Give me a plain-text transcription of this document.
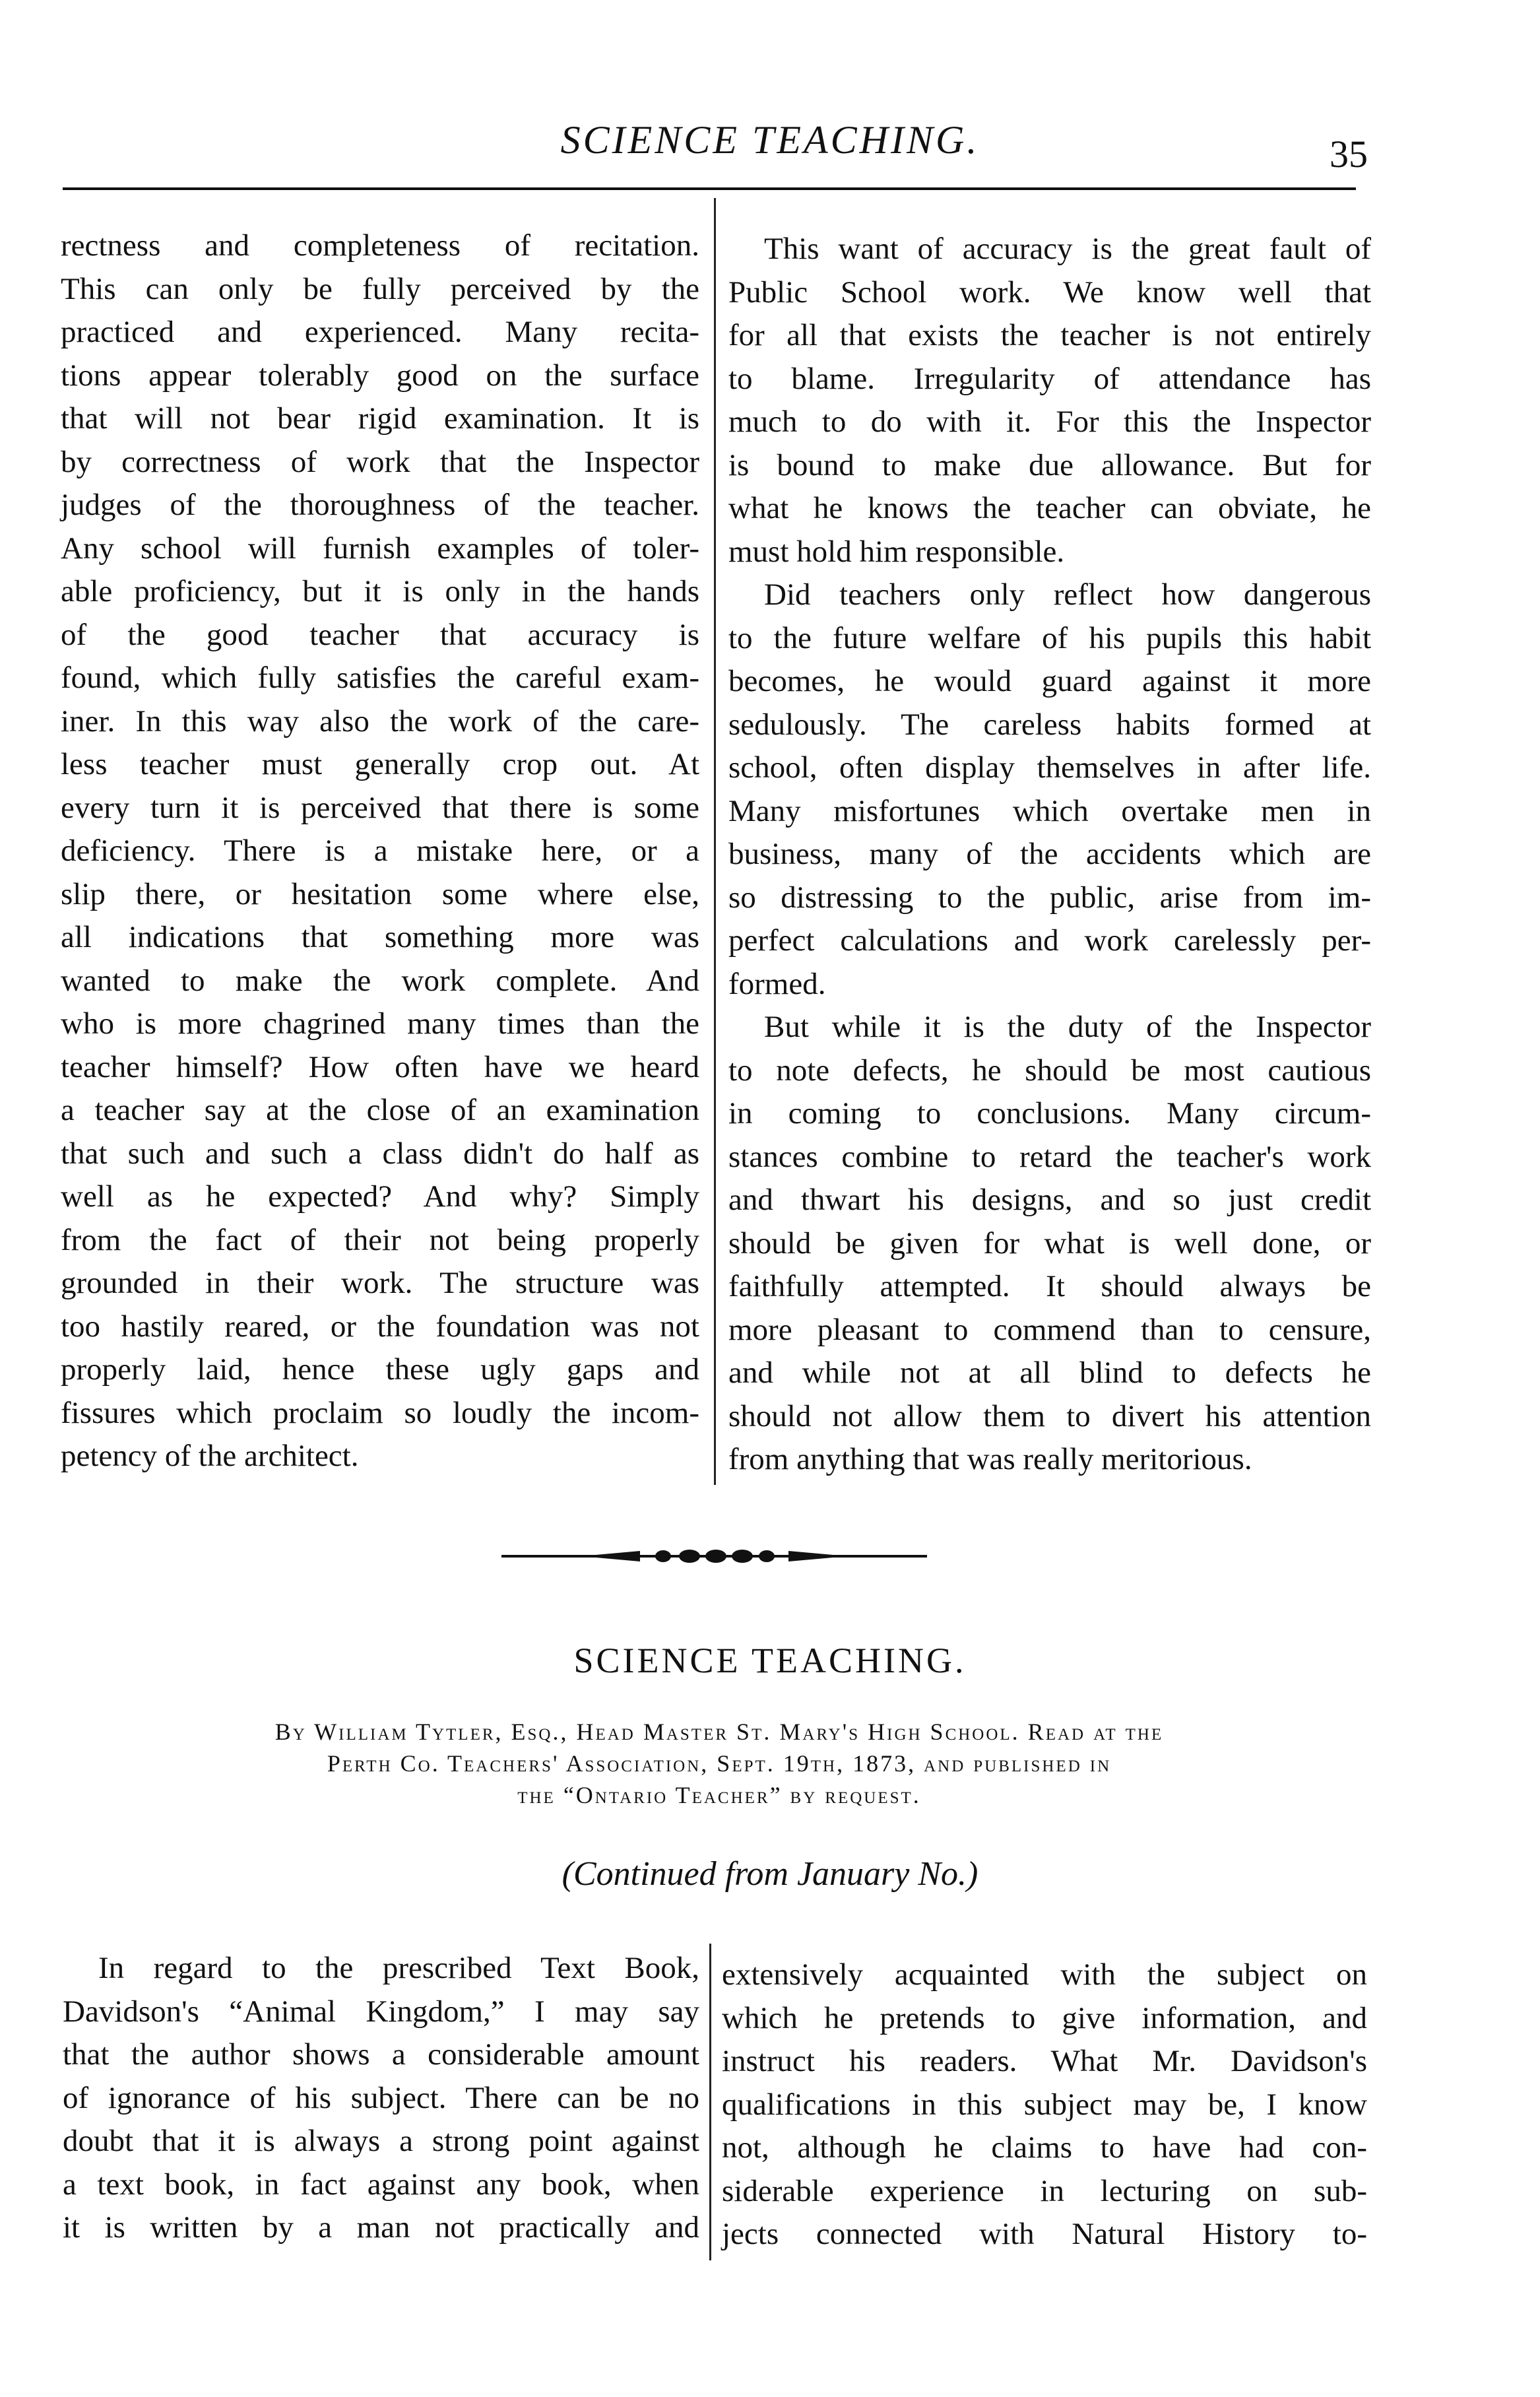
SCIENCE TEACHING.	35
rectness and completeness of recitation.
This can only be fully perceived by the
practiced and experienced. Many recita-
tions appear tolerably good on the surface
that will not bear rigid examination. It is
by correctness of work that the Inspector
judges of the thoroughness of the teacher.
Any school will furnish examples of toler-
able proficiency, but it is only in the hands
of the good teacher that accuracy is
found, which fully satisfies the careful exam-
iner. In this way also the work of the care-
less teacher must generally crop out. At
every turn it is perceived that there is some
deficiency. There is a mistake here, or a
slip there, or hesitation some where else,
all indications that something more was
wanted to make the work complete. And
who is more chagrined many times than the
teacher himself? How often have we heard
a teacher say at the close of an examination
that such and such a class didn't do half as
well as he expected? And why? Simply
from the fact of their not being properly
grounded in their work. The structure was
too hastily reared, or the foundation was not
properly laid, hence these ugly gaps and
fissures which proclaim so loudly the incom-
petency of the architect.
This want of accuracy is the great fault of
Public School work. We know well that
for all that exists the teacher is not entirely
to blame. Irregularity of attendance has
much to do with it. For this the Inspector
is bound to make due allowance. But for
what he knows the teacher can obviate, he
must hold him responsible.
Did teachers only reflect how dangerous
to the future welfare of his pupils this habit
becomes, he would guard against it more
sedulously. The careless habits formed at
school, often display themselves in after life.
Many misfortunes which overtake men in
business, many of the accidents which are
so distressing to the public, arise from im-
perfect calculations and work carelessly per-
formed.
But while it is the duty of the Inspector
to note defects, he should be most cautious
in coming to conclusions. Many circum-
stances combine to retard the teacher's work
and thwart his designs, and so just credit
should be given for what is well done, or
faithfully attempted. It should always be
more pleasant to commend than to censure,
and while not at all blind to defects he
should not allow them to divert his attention
from anything that was really meritorious.
SCIENCE TEACHING.
By William Tytler, Esq., Head Master St. Mary's High School. Read at the
Perth Co. Teachers' Association, Sept. 19th, 1873, and published in
the “Ontario Teacher” by request.
(Continued from January No.)
In regard to the prescribed Text Book,
Davidson's “Animal Kingdom,” I may say
that the author shows a considerable amount
of ignorance of his subject. There can be no
doubt that it is always a strong point against
a text book, in fact against any book, when
it is written by a man not practically and
extensively acquainted with the subject on
which he pretends to give information, and
instruct his readers. What Mr. Davidson's
qualifications in this subject may be, I know
not, although he claims to have had con-
siderable experience in lecturing on sub-
jects connected with Natural History to-
